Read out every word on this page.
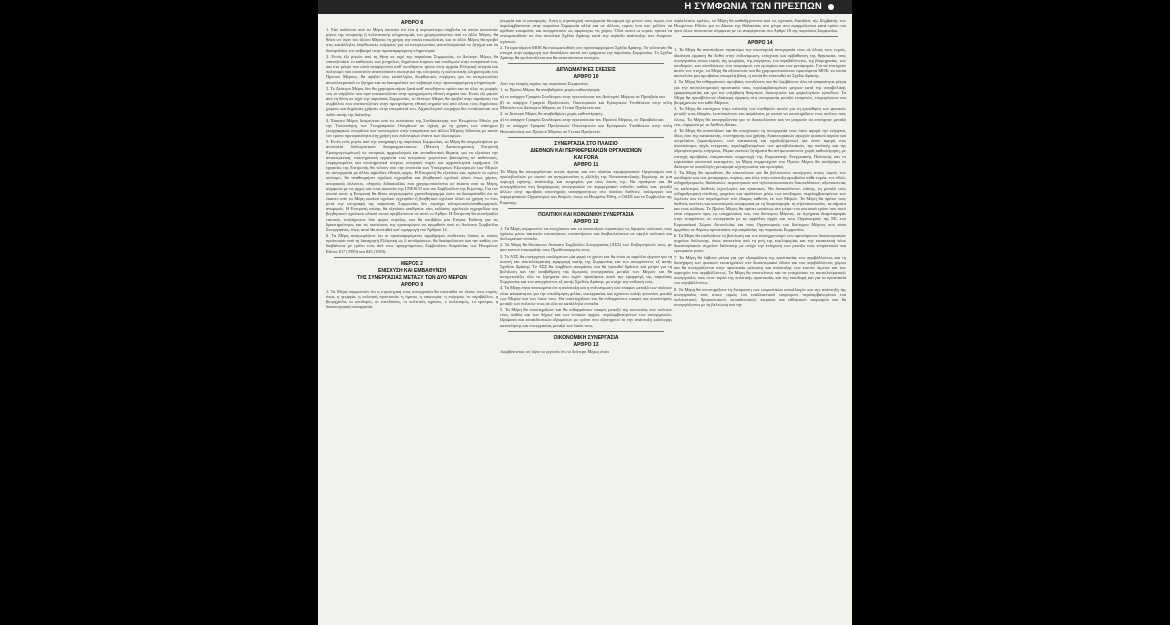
Η ΣΥΜΦΩΝΙΑ ΤΩΝ ΠΡΕΣΠΩΝ
ΑΡΘΡΟ 8

1. Εάν ουδέποτε από τα Μέρη πιστεύει ότι ένα ή περισσότερα σύμβολα τα οποία συνιστούν μέρος της ιστορικής ή πολιτιστικής κληρονομιάς του χρησιμοποιείται από το άλλο Μέρος, θα θέσει υπ' όψιν του άλλου Μέρους τη χρήση την οποία επικαλείται, και το άλλο Μέρος θα προβεί στις κατάλληλες διορθωτικές ενέργειες για να αντιμετωπίσει αποτελεσματικά το ζήτημα και να διασφαλίσει τον σεβασμό στην προαναφερόμενη κληρονομιά.

2. Εντός έξι μηνών από τη θέση σε ισχύ της παρούσας Συμφωνίας, το Δεύτερο Μέρος θα επανεξετάσει το καθεστώς των μνημείων, δημόσιων κτιρίων και υποδομών στην επικράτειά του, και στο μέτρο που αυτά αναφέρονται καθ' οιονδήποτε τρόπο στην αρχαία Ελληνική ιστορία και πολιτισμό που συνιστούν αναπόσπαστο συστατικό της ιστορικής ή πολιτιστικής κληρονομιάς του Πρώτου Μέρους, θα προβεί στις κατάλληλες διορθωτικές ενέργειες για να αντιμετωπίσει αποτελεσματικά το ζήτημα και να διασφαλίσει τον σεβασμό στην προαναφερόμενη κληρονομιά.

3. Το Δεύτερο Μέρος δεν θα χρησιμοποιήσει ξανά καθ' οιονδήποτε τρόπο και σε όλες τις μορφές του το σύμβολο που πριν απεικονιζόταν στην προηγούμενη εθνική σημαία του. Εντός έξι μηνών από τη θέση σε ισχύ της παρούσας Συμφωνίας, το δεύτερο Μέρος θα προβεί στην αφαίρεση του συμβόλου που απεικονιζόταν στην προηγούμενη εθνική σημαία του από όλους τους δημόσιους χώρους και δημόσιες χρήσεις στην επικράτειά του. Αρχαιολογικό τεκμήριο δεν εντάσσονται στο πεδίο αυτής της διάταξης.

4. Έκαστο Μέρος δεσμεύεται από τις συστάσεις της Συνδιάσκεψης των Ηνωμένων Εθνών για την Τυποποίηση των Γεωγραφικών Ονομάτων σε σχέση με τη χρήση των επίσημων γεωγραφικών ονομάτων και τοπωνυμίων στην επικράτεια του άλλου Μέρους δίδοντας με αυτόν τον τρόπο προτεραιότητα στη χρήση των ενδονυμίων έναντι των εξωνυμίων.

5. Εντός ενός μηνός από την υπογραφή της παρούσας Συμφωνίας, τα Μέρη θα συγκροτήσουν με αντιπαλία διπλωματικών διαπραγματεύσεων (Μεικτή Διεπιστημονική Επιτροπή Εμπειρογνωμόνων) σε ιστορικά, αρχαιολογικά και εκπαιδευτικά θέματα, για να εξετάσει την αντικειμενική, επιστημονική ερμηνεία των ιστορικών γεγονότων βασισμένη σε αυθεντικές, τεκμηριωμένες και επιστημονικά στέρεες ιστορικές πηγές και αρχαιολογικά ευρήματα. Οι εργασίες της Επιτροπής θα τελούν υπό την εποπτεία των Υπουργείων Εξωτερικών των Μερών σε συνεργασία με άλλες αρμόδιες εθνικές αρχές. Η Επιτροπή θα εξετάσει και, εφόσον το κρίνει σκόπιμο, θα αναθεωρήσει σχολικά εγχειρίδια και βοηθητικό σχολικό υλικό όπως χάρτες, ιστορικούς άτλαντες, οδηγούς διδασκαλίας που χρησιμοποιούνται σε έκαστο από τα Μέρη, σύμφωνα με τις αρχές και τους σκοπούς της UNESCO και του Συμβουλίου της Ευρώπης. Για τον σκοπό αυτό, η Επιτροπή θα θέσει συγκεκριμένο χρονοδιάγραμμα ώστε να διασφαλισθεί ότι σε έκαστο από τα Μέρη κανένα σχολικό εγχειρίδιο ή βοηθητικό σχολικό υλικό σε χρήση το έτος μετά την υπογραφή της παρούσας Συμφωνίας δεν περιέχει αλυτρωτικές/αναθεωρητικές αναφορές. Η Επιτροπή επίσης θα εξετάσει οιαδήποτε νέες εκδόσεις σχολικών εγχειριδίων και βοηθητικού σχολικού υλικού στους προβλέποντα σε αυτό το Άρθρο. Η Επιτροπή θα συνεδριάζει τακτικά, τουλάχιστον δύο φορές ετησίως, και θα υποβάλει μία Ετήσια Έκθεση για τις δραστηριότητες και τις συστάσεις της προκειμένου να εγκριθούν από το Ανώτατο Συμβούλιο Συνεργασίας, όπως αυτό θα συσταθεί κατ' εφαρμογή του Άρθρου 12.

6. Τα Μέρη αναγνωρίζουν ότι οι προαναφερόμενες αμφίδρομες επιθετικές λύσεις οι οποίες προέκυψαν από τη διατηρητή Ελληνική ως δ αντιδράσεων, θα διασφαλίσουν και την καθώς τον διαβαίνουν με τρόπο τους από τους προηγούμενους Συμβουλίου Ασφαλείας των Ηνωμένων Εθνών 817 (1993) και 845 (1993).

ΜΕΡΟΣ 2
ΕΝΙΣΧΥΣΗ ΚΑΙ ΕΜΒΑΘΥΝΣΗ
ΤΗΣ ΣΥΝΕΡΓΑΣΙΑΣ ΜΕΤΑΞΥ ΤΩΝ ΔΥΟ ΜΕΡΩΝ
ΑΡΘΡΟ 9

1. Τα Μέρη συμφωνούν ότι η στρατηγική τους συνεργασία θα επεκταθεί σε όλους τους τομείς, όπως η γεωργία, η πολιτική προστασία, η άμυνα, η οικονομία, η ενέργεια, το περιβάλλον, η βιομηχανία, οι υποδομές, οι επενδύσεις, οι πολιτικές σχέσεις, ο πολιτισμός, το εμπόριο, η διασυνοριακή συνεργασία

γεωργία και οι μεταφορές. Αυτή η στρατηγική συνεργασία θα αφορά όχι μόνον τους τομείς του περιλαμβάνονται στην παρούσα Συμφωνία αλλά και σε άλλους τομείς που στο μέλλον να κριθούν επωφελείς και απορρέπτουν ως αμφότερες τις χώρες. Όλοι αυτοί οι τομείς πρέπει να ενσωματωθούν σε ένα συνολικό Σχέδιο Δράσης κατά την περίοδο ανάπτυξης των δυομεών σχέσεων.

2. Τα υφιστάμενα ΜΟΕ θα ενσωματωθούν στο προαναφερόμενο Σχέδιο Δράσης. Το τελευταίο θα στοιχεί στην εφαρμογή των διατάξεων αυτού του τμήματος της παρούσας Συμφωνίας. Το Σχέδιο Δράσης θα εμπλουτίζεται και θα αναπτύσσεται συνεχώς.

ΔΙΠΛΩΜΑΤΙΚΕΣ ΣΧΕΣΕΙΣ
ΑΡΘΡΟ 10

Από την έναρξη ισχύος της παρούσας Συμφωνίας:

1. το Πρώτο Μέρος θα αναβαθμίσει χωρίς καθυστέρηση:

α) το υπάρχον Γραφείο Συνδέσμου στην πρωτεύουσα του Δεύτερου Μέρους σε Πρεσβεία και

β) το υπάρχον Γραφείο Προξενικών, Οικονομικών και Εμπορικών Υποθέσεων στην πόλη Μπίτολα του Δεύτερου Μέρους σε Γενικό Προξενείο και

2. το Δεύτερο Μέρος θα αναβαθμίσει χωρίς καθυστέρηση:

α) το υπάρχον Γραφείο Συνδέσμου στην πρωτεύουσα του Πρώτου Μέρους, σε Πρεσβεία και

β) το υπάρχον Γραφείο Προξενικών Οικονομικών και Εμπορικών Υποθέσεων στην πόλη Θεσσαλονίκη του Πρώτου Μέρους σε Γενικό Προξενείο.

ΣΥΝΕΡΓΑΣΙΑ ΣΤΟ ΠΛΑΙΣΙΟ
ΔΙΕΘΝΩΝ ΚΑΙ ΠΕΡΙΦΕΡΕΙΑΚΩΝ ΟΡΓΑΝΙΣΜΩΝ
ΚΑΙ FORA
ΑΡΘΡΟ 11

Τα Μέρη θα συνεργάζονται στενά, άμεσα, και στο πλαίσιο περιφερειακών Οργανισμών και πρωτοβουλιών με σκοπό να αντιμετωπίσει η εξέλιξη της Νοτιοανατολικής Ευρώπης σε μια περιοχή ειρήνης, ανάπτυξης και ευημερίας για τους λαούς της. Θα προάγουν και θα συνεργάζονται στη διαμόρφωση συνεργασιών σε περιφερειακό επίπεδο, καθώς και, μεταξύ άλλων στην αμοιβαία υποστήριξη υποψηφιοτήτων στο πλαίσιο διεθνών, πολυμερών και περιφερειακών Οργανισμών και θεσμών, όπως τα Ηνωμένα Έθνη, ο ΟΑΣΕ και το Συμβούλιο της Ευρώπης.

ΠΟΛΙΤΙΚΗ ΚΑΙ ΚΟΙΝΩΝΙΚΗ ΣΥΝΕΡΓΑΣΙΑ
ΑΡΘΡΟ 12

1. Τα Μέρη συμφωνούν να ενισχύσουν και να αναπτύξουν περαιτέρω τις διμερείς πολιτικές τους σχέσεις μέσω τακτικών επισκέψεων, συναντήσεων και διαβουλεύσεων σε υψηλό πολιτικό και διπλωματικό επίπεδο.

2. Τα Μέρη θα θεσπίσουν Ανώτατο Συμβούλιο Συνεργασίας (ΑΣΣ) των Κυβερνήσεών τους, με απο κοινού επικεφαλής τους Πρωθυπουργούς τους.

3. Το ΑΣΣ θα συνέρχεται τουλάχιστον μία φορά το χρόνο και θα είναι το αρμόδιο όργανο για τη σωστή και αποτελεσματική εφαρμογή αυτής της Συμφωνίας και του απορρέοντος εξ αυτής Σχεδίου Δράσης. Το ΑΣΣ θα λαμβάνει αποφάσεις και θα προωθεί δράσεις και μέτρα για τη βελτίωση και την αναβάθμιση της διμερούς συνεργασίας μεταξύ των Μερών και θα αντιμετωπίζει όλα τα ζητήματα που τυχόν προκύψουν κατά την εφαρμογή της παρούσας Συμφωνίας και του απορρέοντος εξ αυτής Σχεδίου Δράσης, με στόχο την επίλυσή τους.

4. Τα Μέρη είναι πεπεισμένα ότι η ανάπτυξη και η ενδυνάμωση των επαφών μεταξύ των πολιτών είναι απαραίτητος για την οικοδόμηση φιλίας, συνεργασίας και σχέσεων καλής γειτονίας μεταξύ των Μερών και των λαών τους. Θα υποστηρίξουν και θα ενθαρρύνουν επαφές και συναντήσεις μεταξύ των πολιτών τους σε όλα τα κατάλληλα επίπεδα.

5. Τα Μέρη θα υποστηρίζουν και θα ενθαρρύνουν επαφές μεταξύ της κοινωνίας των πολιτών τους, καθώς και των δήμων και των τοπικών αρχών, περιλαμβανομένων των συνεργασιών, Ιδρύματα και εκπαιδευτικών ιδρυμάτων με τρόπο που εξυπηρετεί το την ανάπτυξη καλύτερης κατανόησης και συνεργασίας μεταξύ των λαών τους.

ΟΙΚΟΝΟΜΙΚΗ ΣΥΝΕΡΓΑΣΙΑ
ΑΡΘΡΟ 13

Λαμβάνοντας υπ' όψιν το γεγονός ότι το δεύτερο Μέρος είναι

περίκλειστο κράτος, τα Μέρη θα καθοδηγούνται από τις σχετικές διατάξεις της Σύμβασης των Ηνωμένων Εθνών για το Δίκαιο της Θάλασσας στο μέτρο που εφαρμόζονται κατά τρόπο πιο προς όλων συναπτουν σύμφωνα με τις αναφέρονται στο Άρθρο 18 της παρούσας Συμφωνίας.

ΑΡΘΡΟ 14

1. Τα Μέρη θα αναπτύξουν περαιτέρω την οικονομική συνεργασία τους σε όλους τους τομείς, ιδιαίτερα έμφαση θα δοθεί στην ενδυνάμωση, ενίσχυση και εμβάθυνση της θρησκείας τους συνεργασίας στους τομείς της γεωργίας, της ενέργειας, του περιβάλλοντος, της βιομηχανίας, των υποδομών, των επενδύσεων, του τουρισμού, του εμπορίου και των μεταφορών. Για να επιτύχουν αυτόν τον στόχο, τα Μέρη θα αξιοποιούν και θα χρησιμοποιούσουν υφιστάμενα ΜΟΕ, τα οποία αποτελούν μια αμοιβαίως επωφελή βάση, η οποία θα επεκταθεί σε Σχέδιο Δράσης.

2. Τα Μέρη θα ενθαρρύνουν αμοιβαίες επενδύσεις και θα λαμβάνουν όλα τα απαραίτητα μέτρα για την αποτελεσματική προστασία τους, περιλαμβανομένων μέτρων κατά της υπερβολικής γραφειοκρατίας και για την υπέρβαση θεσμικών, διοικητικών και φορολογικών εμποδίων. Τα Μέρη θα προσβλέπουν ιδιαίτερη έμφαση στη συνεργασία μεταξύ εταιρειών, επιχειρήσεων και βιομηχανιών του κάθε Μέρους.

3. Τα Μέρη θα επιτύχουν στην επίτευξη των συνθηκών αυτών για τη προώθηση των φυσικών μεταξύ τους έδαφών, λεπτόσκέπτου και ασφάλειας με σκοπό να υποστηρίξουν τους πολίτες τους όλους. Τα Μέρη θα συνεργάζονται για το διευκολύνουν και να μπορούν να επιτύχουν μεταξύ του, σύμφωνα με το Διεθνές Δίκαιο.

4. Τα Μέρη θα αναπτύξουν και θα ενισχύσουν τη συνεργασία τους όσον αφορά την ενέργεια, ιδίως όσο της κατασκευής, συντήρησης και χρήσης διασυνοριακών αγωγών φυσικού αερίου και πετρελαίου (υφιστάμενων, υπό κατασκευή και σχεδιαζόμενων) και όσον αφορά στις ανανεώσιμες πηγές ενέργειας, περιλαμβανομένων των φωτοβολταϊκών, της αιολικής και της υδροηλεκτρικής ενέργειας. Πέραν εκείνων ζητήματα θα αντιμετωπιστούν χωρίς καθυστέρηση, με επιτυχή αμοιβαίας επικρατούσα συμμετοχή της Ευρωπαϊκής Ενεργειακής Πολιτικής και το ευρωπαϊκό κοινοτικό κεκτημένο, τα Μέρη συμμετέχουν στο Πρώτο Μέρος θα συνδράμει το Δεύτερο σε κατάλληλη μεταφορά τεχνογνωσίας και εμπειρίας.

5. Τα Μέρη θα προωθούν, θα επεκτείνουν και θα βελτιώνουν συνέργειες στους τομείς των υποδομών και των μεταφορών, κυρίως, και όλες στην επίτευξη αμοιβαίου κάθε τομέα, τον οδών, σιδηροδρομικών, θαλάσσιων, αεροπορικών και τηλεπικοινωνιακών διασυνδέσεων, αξιοποιώντας τις καλύτερες διεθνείς τεχνολογίες και πρακτικές. Θα διευκολύνουν, επίσης, τη μεταξύ τους σιδηροδρομική σύνδεση, φορτίων και προϊόντων μέσω των υποδομών, περιλαμβανομένων των λιμένων και των αερολιμένων στο έδαφος καθενός εκ των Μερών. Τα Μέρη θα πρέπει τους διεθνείς κανόνες και κανονισμούς αναφορικά με τη διαμεταφορά, τη τηλεπικοινωνίες, τα σήματα και τους κώδικες. Το Πρώτο Μέρος θα πρέπει ωσαύτως στο μέτρο του και κατά τρόπο που αυτό είναι σύμφωνο προς τις υποχρεώσεις του, του Δεύτερου Μέρους, σε ζητήματα διαμεταφοράς στην επικράτεια, σε συνεργασία με τις αρμόδιες αρχές και τους Οργανισμούς της ΕΕ, του Ευρωπαϊκού Χώρου Ακτοπλοΐας και τους Οργανισμούς του Δεύτερου Μέρους που είναι αρμόδιοι σε θέματα προστασίας της ασφαλείας της παρούσας Συμφωνίας.

6. Τα Μέρη θα επιδιώξουν τη βελτίωση και τον εκσυγχρονισμό των υφιστάμενων διασυνοριακών σημείων διέλευσης, όπως απαιτείται από τη ροή της κυκλοφορίας και την κατασκευή νέων διασυνοριακών σημείων διέλευσης με στόχο την ενίσχυση των μεταξύ τους τουριστικών και εμπορικών ροών.

7. Τα Μέρη θα λάβουν μέτρα για την εξασφάλιση της προστασίας του περιβάλλοντος και τη διατήρηση των φυσικών εκτατημάτων στο διασυνοριακό ύδατα και του περιβάλλοντος χώρου και θα συνεργάζονται στην προστασία μέσωσης και ανάπτυξης των κοινών λιμνών και των περιοχών του περιβάλλοντος. Τα Μέρη θα επεκτείνουν και να ενισχύσουν τις αποτελεσματικές συνεργασίες τους στον τομέα της πολιτικής προστασίας και την οικοδομή και για τα προστασία του περιβάλλοντος.

8. Τα Μέρη θα υποστηρίξουν τη διεύρυνση των τουριστικών ανταλλαγών και την ανάπτυξη της συνεργασίας τους στους τομείς του εναλλακτικού τουρισμού, περιλαμβανομένου του πολιτιστικού, θρησκευτικού, εκπαιδευτικού, ιατρικού και αθλητικού τουρισμού και θα συνεργάζονται με τη βελτίωση και την
